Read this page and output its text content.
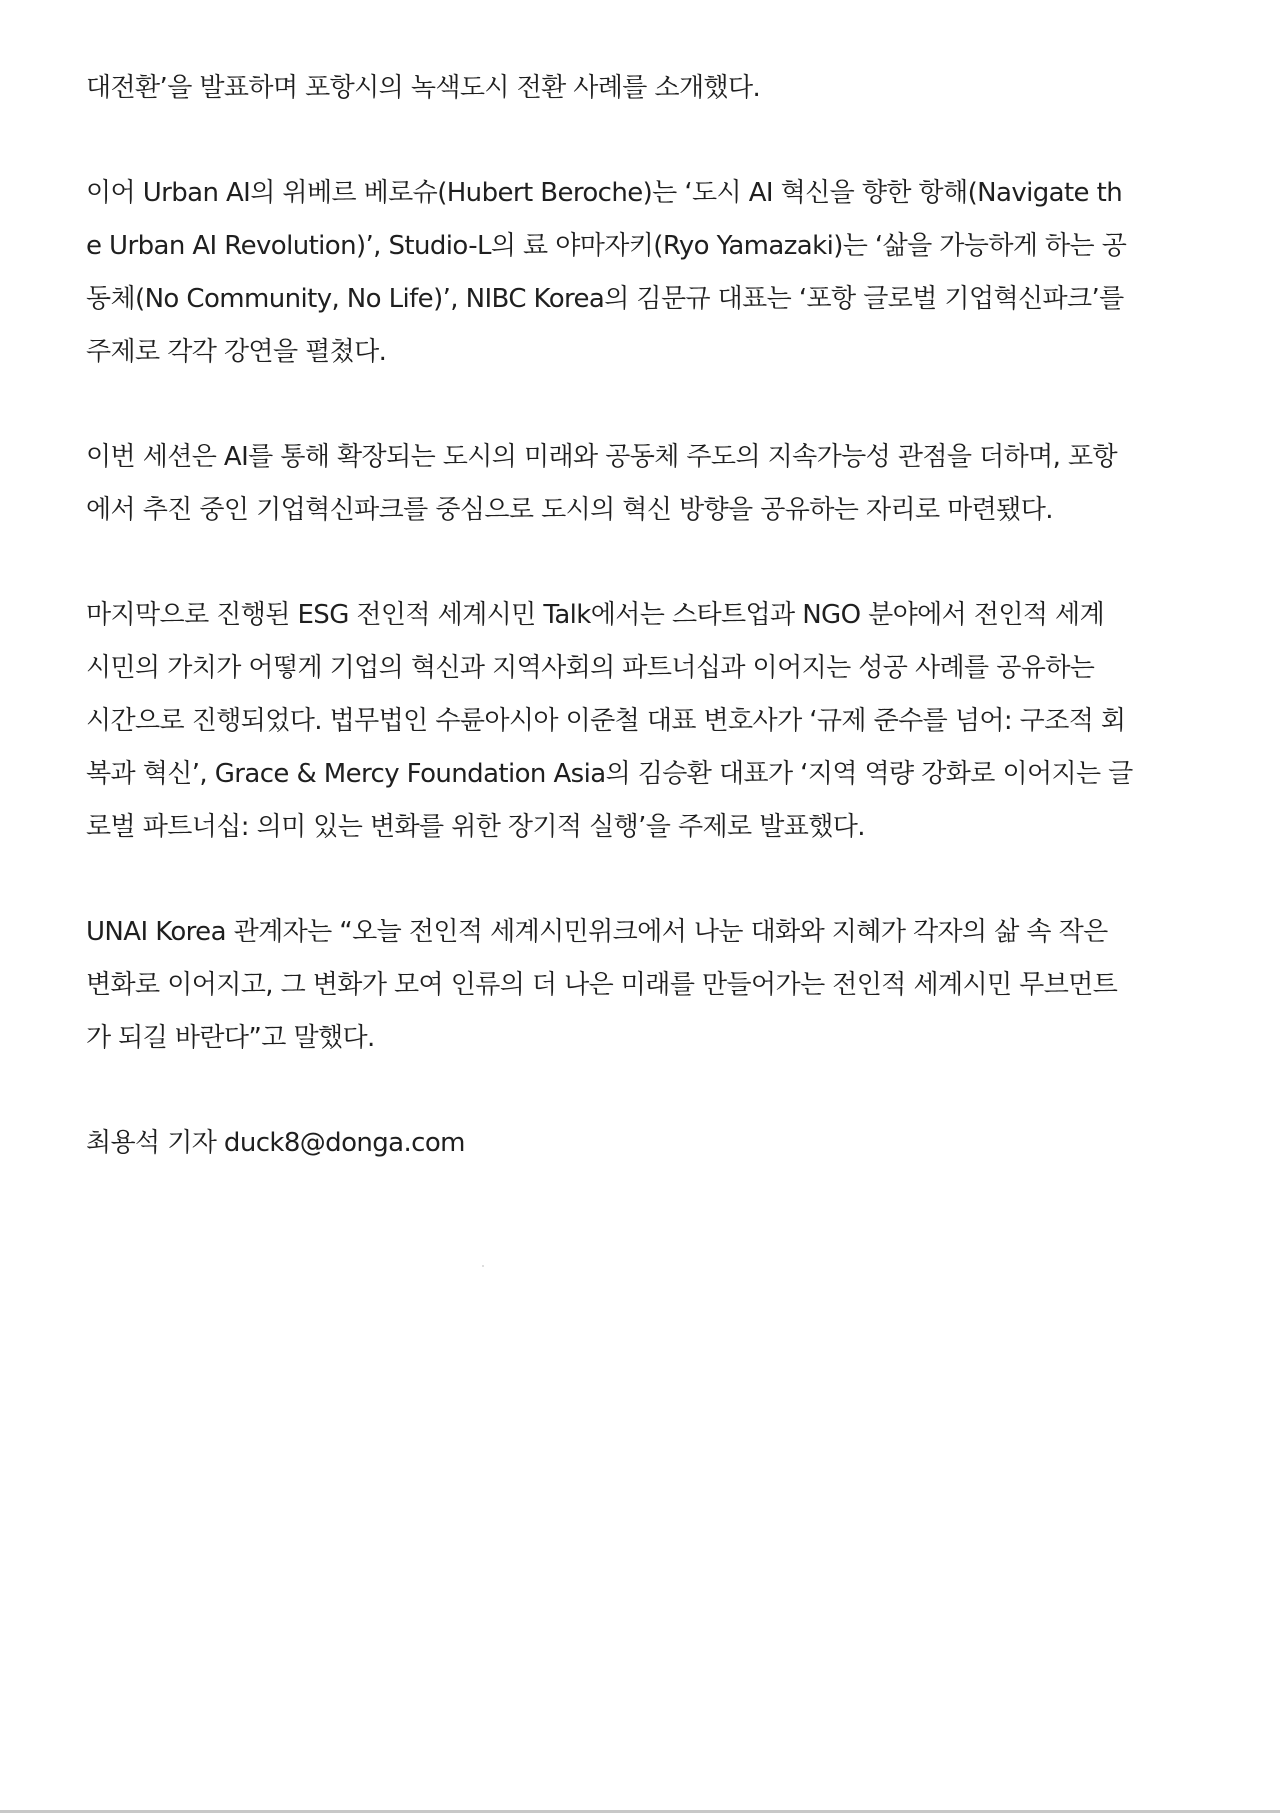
대전환’을 발표하며 포항시의 녹색도시 전환 사례를 소개했다.
이어 Urban AI의 위베르 베로슈(Hubert Beroche)는 ‘도시 AI 혁신을 향한 항해(Navigate th
e Urban AI Revolution)’, Studio-L의 료 야마자키(Ryo Yamazaki)는 ‘삶을 가능하게 하는 공
동체(No Community, No Life)’, NIBC Korea의 김문규 대표는 ‘포항 글로벌 기업혁신파크’를
주제로 각각 강연을 펼쳤다.
이번 세션은 AI를 통해 확장되는 도시의 미래와 공동체 주도의 지속가능성 관점을 더하며, 포항
에서 추진 중인 기업혁신파크를 중심으로 도시의 혁신 방향을 공유하는 자리로 마련됐다.
마지막으로 진행된 ESG 전인적 세계시민 Talk에서는 스타트업과 NGO 분야에서 전인적 세계
시민의 가치가 어떻게 기업의 혁신과 지역사회의 파트너십과 이어지는 성공 사례를 공유하는
시간으로 진행되었다. 법무법인 수륜아시아 이준철 대표 변호사가 ‘규제 준수를 넘어: 구조적 회
복과 혁신’, Grace & Mercy Foundation Asia의 김승환 대표가 ‘지역 역량 강화로 이어지는 글
로벌 파트너십: 의미 있는 변화를 위한 장기적 실행’을 주제로 발표했다.
UNAI Korea 관계자는 “오늘 전인적 세계시민위크에서 나눈 대화와 지혜가 각자의 삶 속 작은
변화로 이어지고, 그 변화가 모여 인류의 더 나은 미래를 만들어가는 전인적 세계시민 무브먼트
가 되길 바란다”고 말했다.
최용석 기자 duck8@donga.com
